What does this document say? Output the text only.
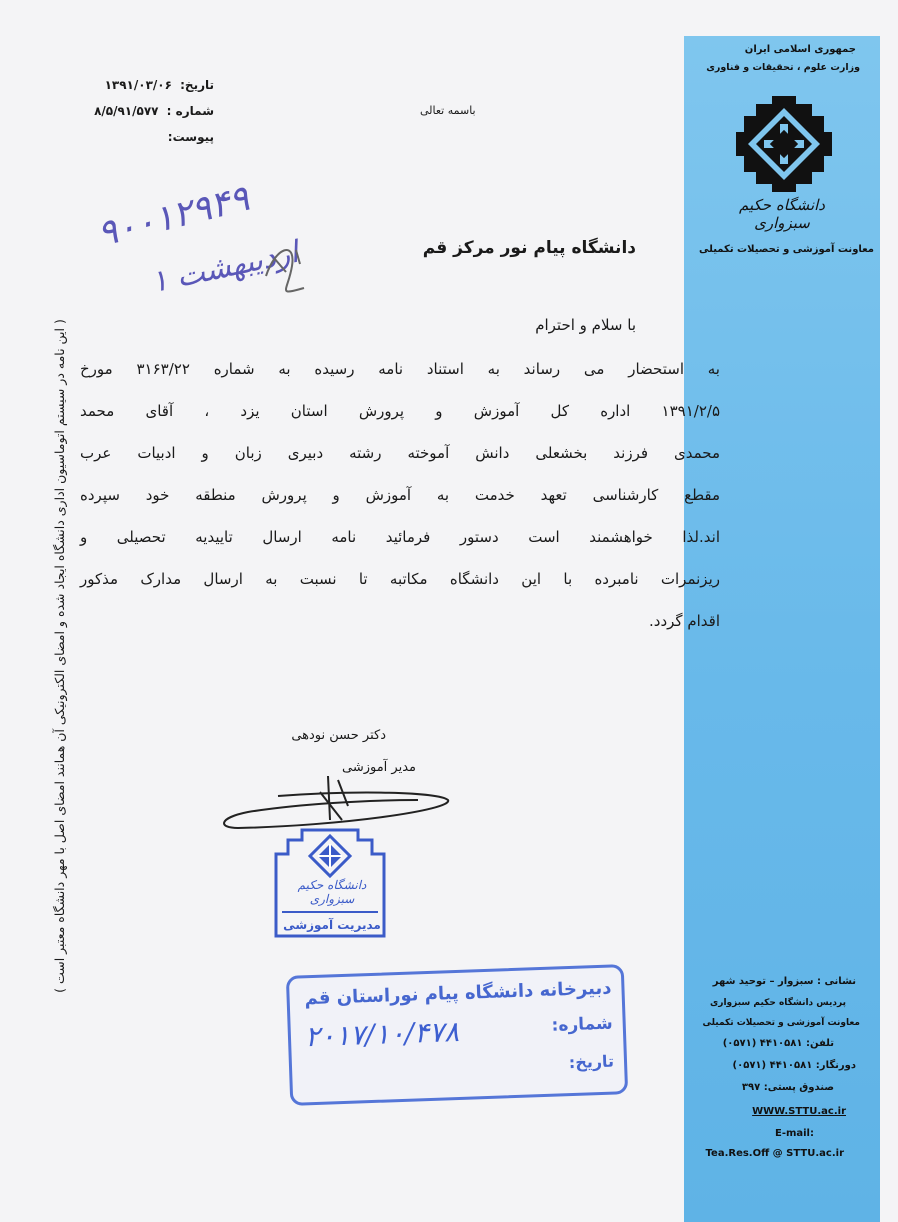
جمهوری اسلامی ایران
وزارت علوم ، تحقیقات و فناوری
دانشگاه حکیم سبزواری
معاونت آموزشی و تحصیلات تکمیلی
نشانی : سبزوار – توحید شهر
پردیس دانشگاه حکیم سبزواری
معاونت آموزشی و تحصیلات تکمیلی
تلفن: ۴۴۱۰۵۸۱ (۰۵۷۱)
دورنگار: ۴۴۱۰۵۸۱ (۰۵۷۱)
صندوق پستی: ۳۹۷
WWW.STTU.ac.ir
E-mail:
Tea.Res.Off @ STTU.ac.ir
تاریخ: ۱۳۹۱/۰۳/۰۶
شماره : ۸/۵/۹۱/۵۷۷
پیوست:
باسمه تعالی
۹۰۰۱۲۹۴۹
۱ اردیبهشت	دانشگاه پیام نور مرکز قم
با سلام و احترام
به استحضار می رساند به استناد نامه رسیده به شماره ۳۱۶۳/۲۲ مورخ
۱۳۹۱/۲/۵ اداره کل آموزش و پرورش استان یزد ، آقای محمد
محمدی فرزند بخشعلی دانش آموخته رشته دبیری زبان و ادبیات عرب
مقطع کارشناسی تعهد خدمت به آموزش و پرورش منطقه خود سپرده
اند.لذا خواهشمند است دستور فرمائید نامه ارسال تاییدیه تحصیلی و
ریزنمرات نامبرده با این دانشگاه مکاتبه تا نسبت به ارسال مدارک مذکور
اقدام گردد.
دکتر حسن نودهی
مدیر آموزشی
دانشگاه حکیم سبزواری
مدیریت آموزشی
دبیرخانه دانشگاه پیام نوراستان قم
شماره:
۲۰۱۷/۱۰/۴۷۸
تاریخ:
( این نامه در سیستم اتوماسیون اداری دانشگاه ایجاد شده و امضای الکترونیکی آن همانند امضای اصل با مهر دانشگاه معتبر است )
